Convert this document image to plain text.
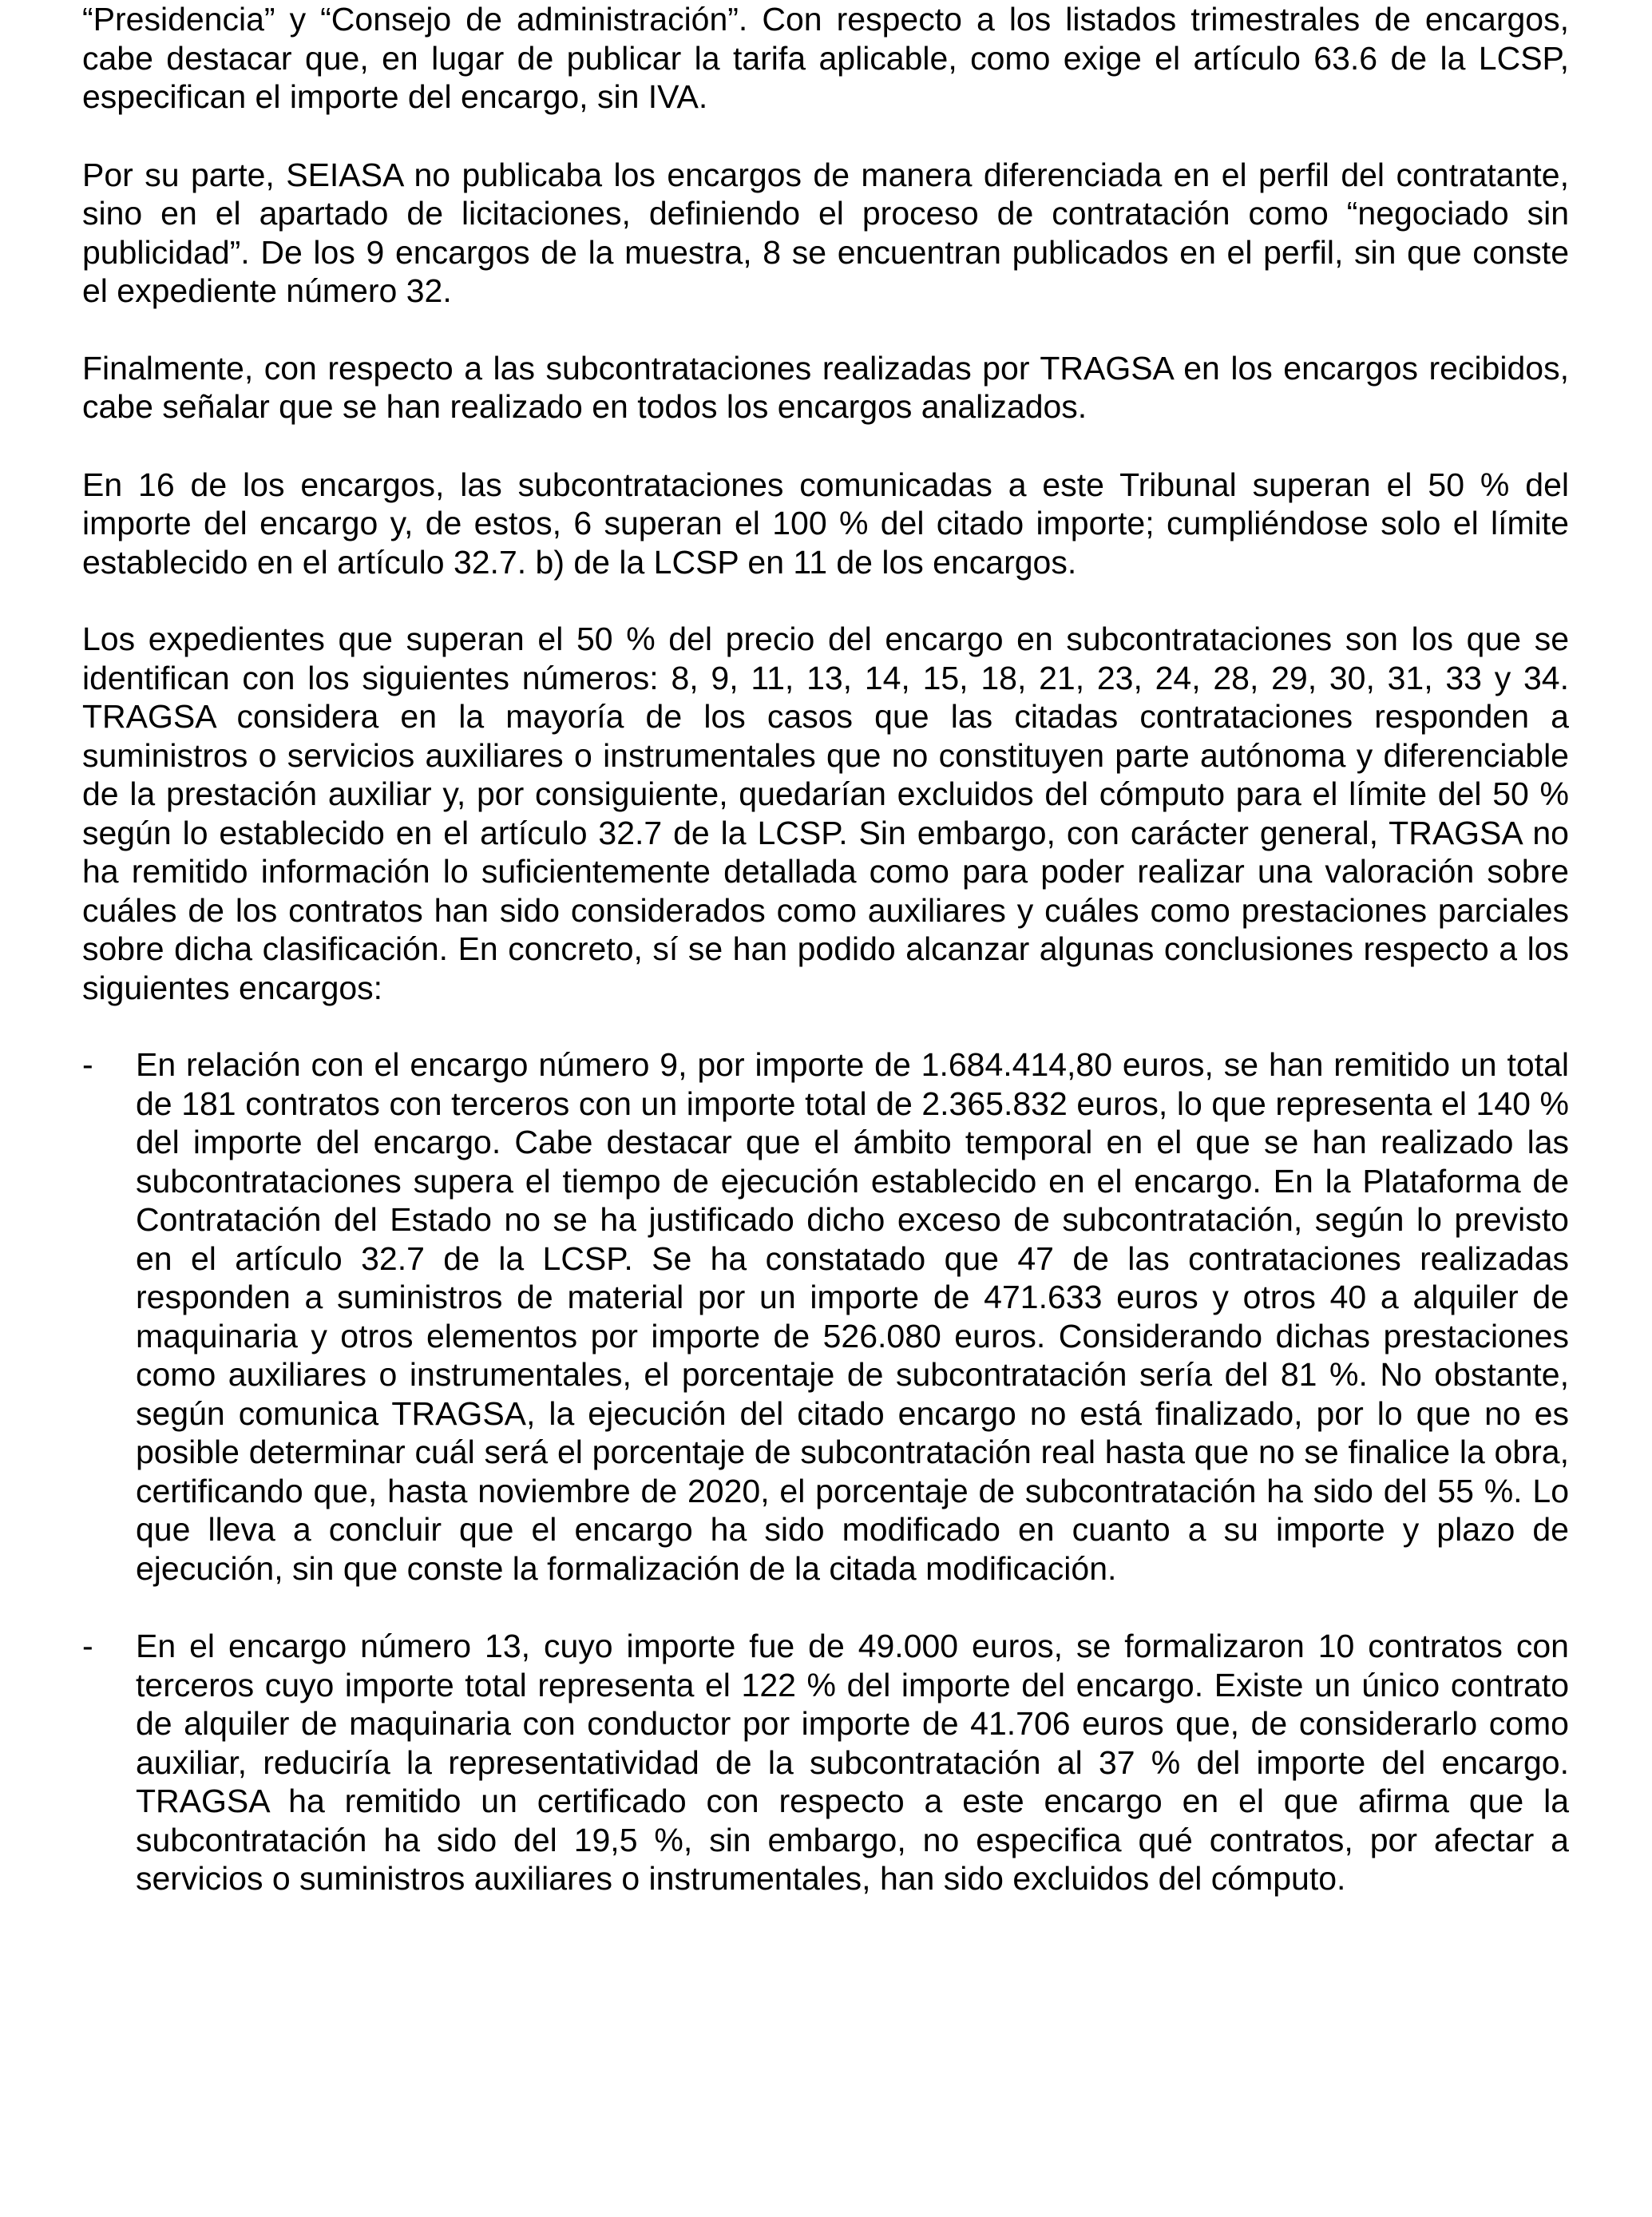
“Presidencia” y “Consejo de administración”. Con respecto a los listados trimestrales de encargos, cabe destacar que, en lugar de publicar la tarifa aplicable, como exige el artículo 63.6 de la LCSP, especifican el importe del encargo, sin IVA.

Por su parte, SEIASA no publicaba los encargos de manera diferenciada en el perfil del contratante, sino en el apartado de licitaciones, definiendo el proceso de contratación como “negociado sin publicidad”. De los 9 encargos de la muestra, 8 se encuentran publicados en el perfil, sin que conste el expediente número 32.

Finalmente, con respecto a las subcontrataciones realizadas por TRAGSA en los encargos recibidos, cabe señalar que se han realizado en todos los encargos analizados.

En 16 de los encargos, las subcontrataciones comunicadas a este Tribunal superan el 50 % del importe del encargo y, de estos, 6 superan el 100 % del citado importe; cumpliéndose solo el límite establecido en el artículo 32.7. b) de la LCSP en 11 de los encargos.

Los expedientes que superan el 50 % del precio del encargo en subcontrataciones son los que se identifican con los siguientes números: 8, 9, 11, 13, 14, 15, 18, 21, 23, 24, 28, 29, 30, 31, 33 y 34. TRAGSA considera en la mayoría de los casos que las citadas contrataciones responden a suministros o servicios auxiliares o instrumentales que no constituyen parte autónoma y diferenciable de la prestación auxiliar y, por consiguiente, quedarían excluidos del cómputo para el límite del 50 % según lo establecido en el artículo 32.7 de la LCSP. Sin embargo, con carácter general, TRAGSA no ha remitido información lo suficientemente detallada como para poder realizar una valoración sobre cuáles de los contratos han sido considerados como auxiliares y cuáles como prestaciones parciales sobre dicha clasificación. En concreto, sí se han podido alcanzar algunas conclusiones respecto a los siguientes encargos:

-	En relación con el encargo número 9, por importe de 1.684.414,80 euros, se han remitido un total de 181 contratos con terceros con un importe total de 2.365.832 euros, lo que representa el 140 % del importe del encargo. Cabe destacar que el ámbito temporal en el que se han realizado las subcontrataciones supera el tiempo de ejecución establecido en el encargo. En la Plataforma de Contratación del Estado no se ha justificado dicho exceso de subcontratación, según lo previsto en el artículo 32.7 de la LCSP. Se ha constatado que 47 de las contrataciones realizadas responden a suministros de material por un importe de 471.633 euros y otros 40 a alquiler de maquinaria y otros elementos por importe de 526.080 euros. Considerando dichas prestaciones como auxiliares o instrumentales, el porcentaje de subcontratación sería del 81 %. No obstante, según comunica TRAGSA, la ejecución del citado encargo no está finalizado, por lo que no es posible determinar cuál será el porcentaje de subcontratación real hasta que no se finalice la obra, certificando que, hasta noviembre de 2020, el porcentaje de subcontratación ha sido del 55 %. Lo que lleva a concluir que el encargo ha sido modificado en cuanto a su importe y plazo de ejecución, sin que conste la formalización de la citada modificación.
-	En el encargo número 13, cuyo importe fue de 49.000 euros, se formalizaron 10 contratos con terceros cuyo importe total representa el 122 % del importe del encargo. Existe un único contrato de alquiler de maquinaria con conductor por importe de 41.706 euros que, de considerarlo como auxiliar, reduciría la representatividad de la subcontratación al 37 % del importe del encargo. TRAGSA ha remitido un certificado con respecto a este encargo en el que afirma que la subcontratación ha sido del 19,5 %, sin embargo, no especifica qué contratos, por afectar a servicios o suministros auxiliares o instrumentales, han sido excluidos del cómputo.
